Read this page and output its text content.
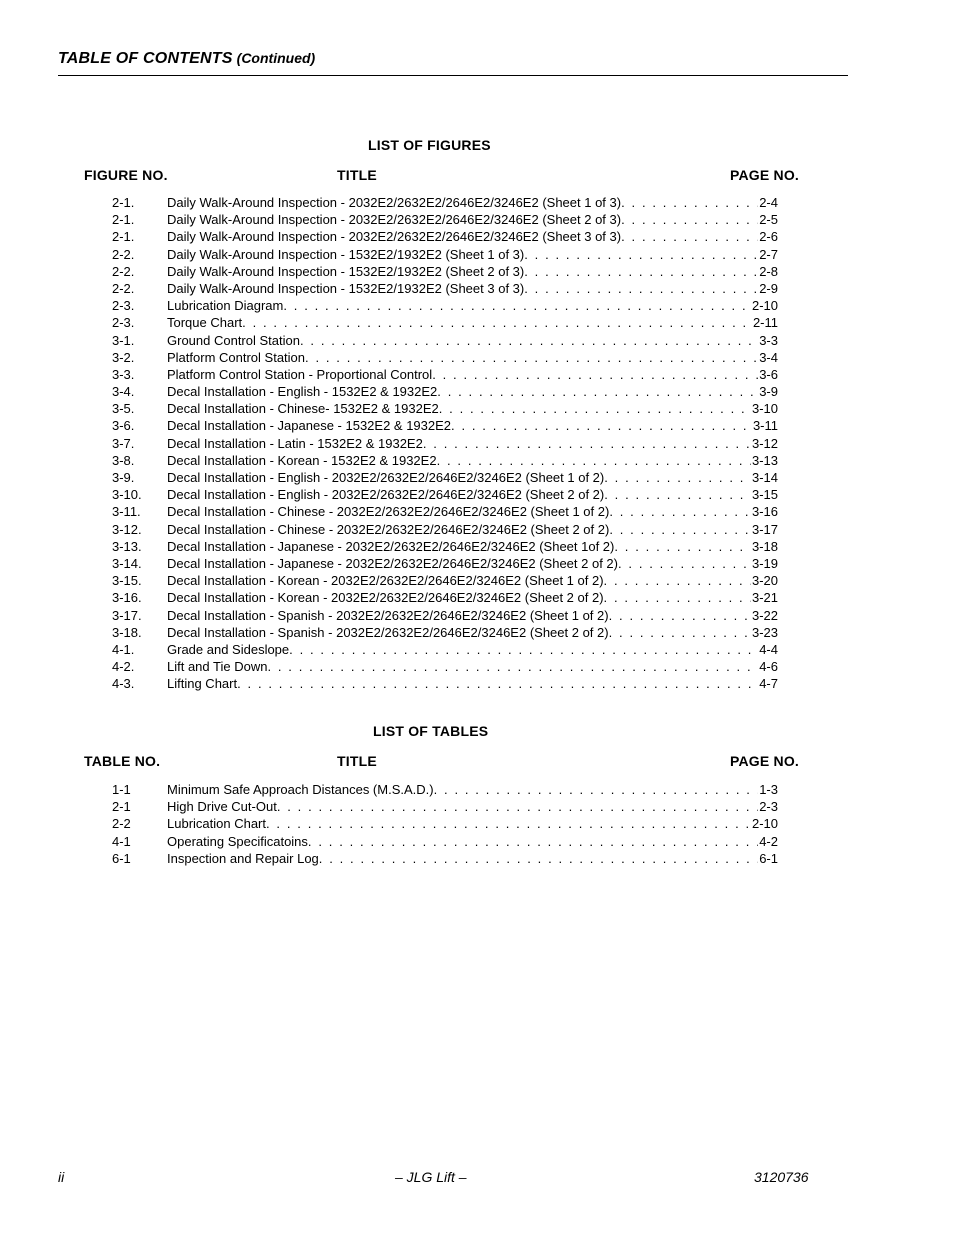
TABLE OF CONTENTS (Continued)
LIST OF FIGURES
FIGURE NO.	TITLE	PAGE NO.
2-1.	Daily Walk-Around Inspection - 2032E2/2632E2/2646E2/3246E2 (Sheet 1 of 3) . . .	2-4
2-1.	Daily Walk-Around Inspection - 2032E2/2632E2/2646E2/3246E2 (Sheet 2 of 3) . . .	2-5
2-1.	Daily Walk-Around Inspection - 2032E2/2632E2/2646E2/3246E2 (Sheet 3 of 3) . . .	2-6
2-2.	Daily Walk-Around Inspection - 1532E2/1932E2 (Sheet 1 of 3) . . .	2-7
2-2.	Daily Walk-Around Inspection - 1532E2/1932E2 (Sheet 2 of 3) . . .	2-8
2-2.	Daily Walk-Around Inspection - 1532E2/1932E2 (Sheet 3 of 3) . . .	2-9
2-3.	Lubrication Diagram . . .	2-10
2-3.	Torque Chart . . .	2-11
3-1.	Ground Control Station . . .	3-3
3-2.	Platform Control Station . . .	3-4
3-3.	Platform Control Station - Proportional Control . . .	3-6
3-4.	Decal Installation - English - 1532E2 & 1932E2 . . .	3-9
3-5.	Decal Installation - Chinese- 1532E2 & 1932E2 . . .	3-10
3-6.	Decal Installation - Japanese - 1532E2 & 1932E2 . . .	3-11
3-7.	Decal Installation - Latin - 1532E2 & 1932E2 . . .	3-12
3-8.	Decal Installation - Korean - 1532E2 & 1932E2 . . .	3-13
3-9.	Decal Installation - English - 2032E2/2632E2/2646E2/3246E2 (Sheet 1 of 2) . . .	3-14
3-10.	Decal Installation - English - 2032E2/2632E2/2646E2/3246E2 (Sheet 2 of 2) . . .	3-15
3-11.	Decal Installation - Chinese - 2032E2/2632E2/2646E2/3246E2 (Sheet 1 of 2) . . .	3-16
3-12.	Decal Installation - Chinese - 2032E2/2632E2/2646E2/3246E2 (Sheet 2 of 2) . . .	3-17
3-13.	Decal Installation - Japanese - 2032E2/2632E2/2646E2/3246E2 (Sheet 1of 2) . . .	3-18
3-14.	Decal Installation - Japanese - 2032E2/2632E2/2646E2/3246E2 (Sheet 2 of 2) . . .	3-19
3-15.	Decal Installation - Korean - 2032E2/2632E2/2646E2/3246E2 (Sheet 1 of 2) . . .	3-20
3-16.	Decal Installation - Korean - 2032E2/2632E2/2646E2/3246E2 (Sheet 2 of 2) . . .	3-21
3-17.	Decal Installation - Spanish - 2032E2/2632E2/2646E2/3246E2 (Sheet 1 of 2) . . .	3-22
3-18.	Decal Installation - Spanish - 2032E2/2632E2/2646E2/3246E2 (Sheet 2 of 2) . . .	3-23
4-1.	Grade and Sideslope . . .	4-4
4-2.	Lift and Tie Down . . .	4-6
4-3.	Lifting Chart . . .	4-7
LIST OF TABLES
TABLE NO.	TITLE	PAGE NO.
1-1	Minimum Safe Approach Distances (M.S.A.D.) . . .	1-3
2-1	High Drive Cut-Out . . .	2-3
2-2	Lubrication Chart . . .	2-10
4-1	Operating Specificatoins . . .	4-2
6-1	Inspection and Repair Log . . .	6-1
ii	– JLG Lift –	3120736
